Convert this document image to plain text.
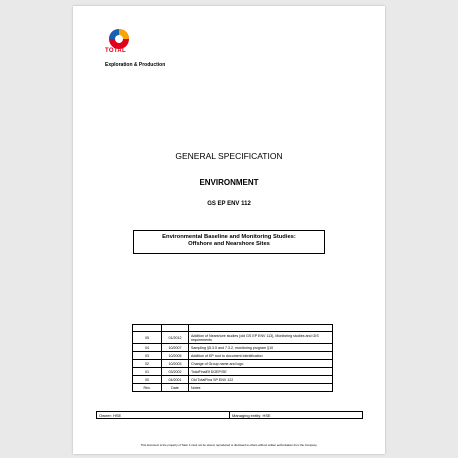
TOTAL
Exploration & Production
GENERAL SPECIFICATION
ENVIRONMENT
GS EP ENV 112
Environmental Baseline and Monitoring Studies:
Offshore and Nearshore Sites

05	01/2012	Addition of Nearshore studies (old GS EP ENV 113), Monitoring studies and GIS requirements
04	10/2007	Sampling §5.3.5 and 7.3.2, monitoring program §10
03	10/2005	Addition of EP root to document identification
02	10/2003	Change of Group name and logo
01	03/2002	TotalFinaElf DGEP/SE
00	04/2001	Old TotalFina SP ENV 122
Rev.	Date	Notes
Owner: HSE	Managing entity: HSE
This document is the property of Total. It must not be stored, reproduced or disclosed to others without written authorisation from the Company.
